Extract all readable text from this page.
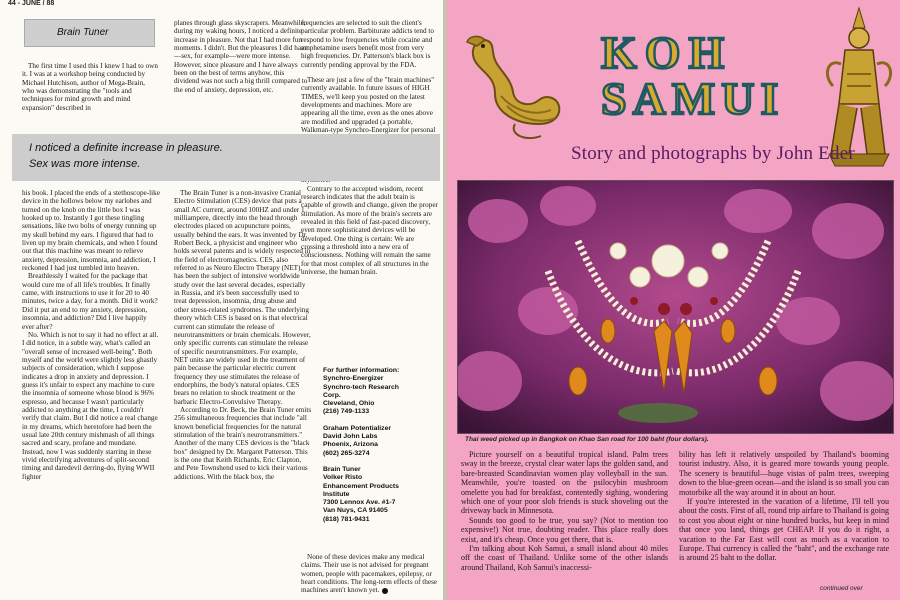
44 - JUNE / 88
Brain Tuner

The first time I used this I knew I had to own it. I was at a workshop being conducted by Michael Hutchison, author of Mega-Brain, who was demonstrating the "tools and techniques for mind growth and mind expansion" described in

planes through glass skyscrapers. Meanwhile, during my waking hours, I noticed a definite increase in pleasure. Not that I had more fun moments. I didn't. But the pleasures I did have—sex, for example—were more intense. However, since pleasure and I have always been on the best of terms anyhow, this dividend was not such a big thrill compared to the end of anxiety, depression, etc.

frequencies are selected to suit the client's particular problem. Barbiturate addicts tend to respond to low frequencies while cocaine and amphetamine users benefit most from very high frequencies. Dr. Patterson's black box is currently pending approval by the FDA.

These are just a few of the "brain machines" currently available. In future issues of HIGH TIMES, we'll keep you posted on the latest developments and machines. More are appearing all the time, even as the ones above are modified and upgraded (a portable, Walkman-type Synchro-Energizer for personal

Contrary to the accepted wisdom, recent research indicates that the adult brain is capable of growth and change, given the proper stimulation. As more of the brain's secrets are revealed in this field of fast-paced discovery, even more sophisticated devices will be developed. One thing is certain: We are crossing a threshold into a new era of consciousness. Nothing will remain the same for that most complex of all structures in the universe, the human brain.

I noticed a definite increase in pleasure.
Sex was more intense.

his book. I placed the ends of a stethoscope-like device in the hollows below my earlobes and turned on the knob on the little box I was hooked up to. Instantly I got these tingling sensations, like two bolts of energy running up my skull behind my ears. I figured that had to liven up my brain chemicals, and when I found out that this machine was meant to relieve anxiety, depression, insomnia, and addiction, I reckoned I had just tumbled into heaven.

Breathlessly I waited for the package that would cure me of all life's troubles. It finally came, with instructions to use it for 20 to 40 minutes, twice a day, for a month. Did it work? Did it put an end to my anxiety, depression, insomnia, and addiction? Did I live happily ever after?

No. Which is not to say it had no effect at all. I did notice, in a subtle way, what's called an "overall sense of increased well-being". Both myself and the world were slightly less ghastly subjects of consideration, which I suppose indicates a drop in anxiety and depression. I guess it's unfair to expect any machine to cure the insomnia of someone whose blood is 96% espresso, and because I wasn't particularly addicted to anything at the time, I couldn't verify that claim. But I did notice a real change in my dreams, which heretofore had been the usual late 20th century mishmash of all things sacred and scary, profane and mundane. Instead, now I was suddenly starring in these vivid electrifying adventures of split-second timing and daredevil derring-do, flying WWII fighter

The Brain Tuner is a non-invasive Cranial Electro Stimulation (CES) device that puts a small AC current, around 100HZ and under 1 milliampere, directly into the head through electrodes placed on acupuncture points, usually behind the ears. It was invented by Dr. Robert Beck, a physicist and engineer who holds several patents and is widely respected in the field of electromagnetics. CES, also referred to as Neuro Electro Therapy (NET), has been the subject of intensive worldwide study over the last several decades, especially in Russia, and it's been successfully used to treat depression, insomnia, drug abuse and other stress-related syndromes. The underlying theory which CES is based on is that electrical current can stimulate the release of neurotransmitters or brain chemicals. However, only specific currents can stimulate the release of specific neurotransmitters. For example, NET units are widely used in the treatment of pain because the particular electric current frequency they use stimulates the release of endorphins, the body's natural opiates. CES bears no relation to shock treatment or the barbaric Electro-Convulsive Therapy.

According to Dr. Beck, the Brain Tuner emits 256 simultaneous frequencies that include "all known beneficial frequencies for the natural stimulation of the brain's neurotransmitters." Another of the many CES devices is the "black box" designed by Dr. Margaret Patterson. This is the one that Keith Richards, Eric Clapton, and Pete Townshend used to kick their various addictions. With the black box, the

For further information:
Synchro-Energizer
Synchro-tech Research
Corp.
Cleveland, Ohio
(216) 749-1133
Graham Potentializer
David John Labs
Phoenix, Arizona
(602) 265-3274
Brain Tuner
Volker Risto
Enhancement Products
Institute
7300 Lennox Ave. #1-7
Van Nuys, CA 91405
(818) 781-9431

None of these devices make any medical claims. Their use is not advised for pregnant women, people with pacemakers, epilepsy, or heart conditions. The long-term effects of these machines aren't known yet.

KOH
SAMUI
Story and photographs by John Eder
Thai weed picked up in Bangkok on Khao San road for 100 baht (four dollars).

Picture yourself on a beautiful tropical island. Palm trees sway in the breeze, crystal clear water laps the golden sand, and bare-breasted Scandinavian women play volleyball in the sun. Meanwhile, you're toasted on the psilocybin mushroom omelette you had for breakfast, contentedly sighing, wondering which one of your poor slob friends is stuck shoveling out the driveway back in Minnesota.

Sounds too good to be true, you say? (Not to mention too expensive!) Not true, doubting reader. This place really does exist, and it's cheap. Once you get there, that is.

I'm talking about Koh Samui, a small island about 40 miles off the coast of Thailand. Unlike some of the other islands around Thailand, Koh Samui's inaccessi-

bility has left it relatively unspoiled by Thailand's booming tourist industry. Also, it is geared more towards young people. The scenery is beautiful—huge vistas of palm trees, sweeping down to the blue-green ocean—and the island is so small you can motorbike all the way around it in about an hour.

If you're interested in the vacation of a lifetime, I'll tell you about the costs. First of all, round trip airfare to Thailand is going to cost you about eight or nine hundred bucks, but keep in mind that once you land, things get CHEAP. If you do it right, a vacation to the Far East will cost as much as a vacation to Europe. Thai currency is called the "baht", and the exchange rate is around 25 baht to the dollar.

continued over
